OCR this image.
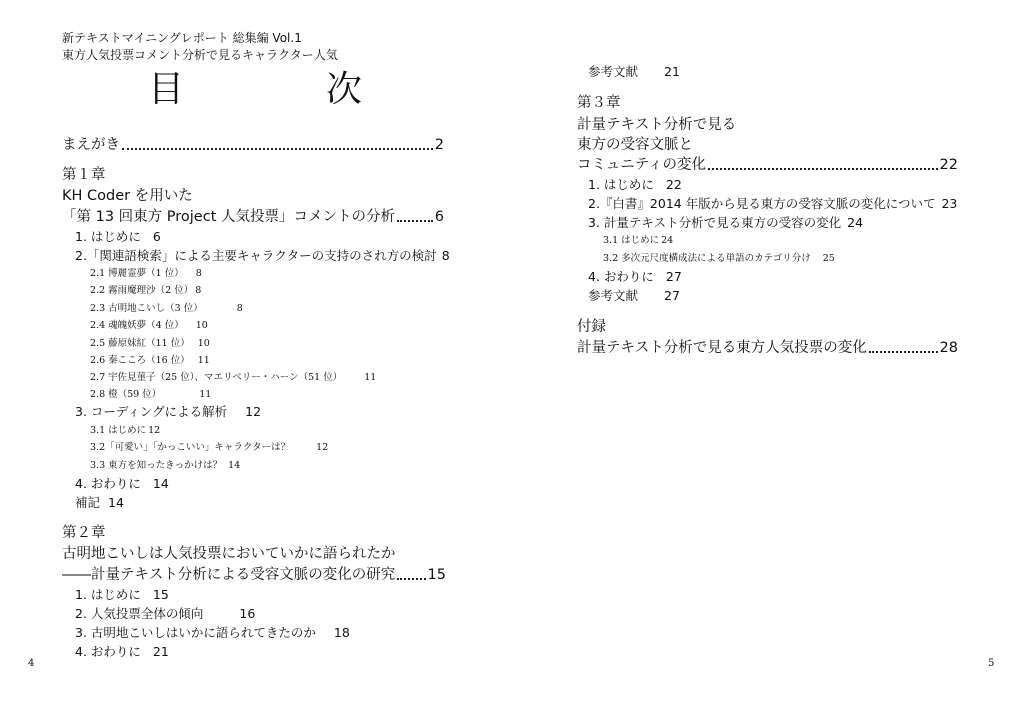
新テキストマイニングレポート 総集編 Vol.1
東方人気投票コメント分析で見るキャラクター人気
目	次
まえがき	2
第１章
KH Coder を用いた
「第 13 回東方 Project 人気投票」コメントの分析	6
1. はじめに 6
2.「関連語検索」による主要キャラクターの支持のされ方の検討 8
2.1 博麗霊夢（1 位） 8
2.2 霧雨魔理沙（2 位） 8
2.3 古明地こいし（3 位）	8
2.4 魂魄妖夢（4 位） 10
2.5 藤原妹紅（11 位） 10
2.6 秦こころ（16 位） 11
2.7 宇佐見菫子（25 位）、マエリベリー・ハーン（51 位） 11
2.8 橙（59 位）	11
3. コーディングによる解析 12
3.1 はじめに 12
3.2「可愛い」「かっこいい」キャラクターは？	12
3.3 東方を知ったきっかけは？ 14
4. おわりに 14
補記 14
第２章
古明地こいしは人気投票においていかに語られたか
――計量テキスト分析による受容文脈の変化の研究 15
1. はじめに 15
2. 人気投票全体の傾向	16
3. 古明地こいしはいかに語られてきたのか 18
4. おわりに 21
4
参考文献 21
第３章
計量テキスト分析で見る
東方の受容文脈と
コミュニティの変化	22
1. はじめに 22
2.『白書』2014 年版から見る東方の受容文脈の変化について 23
3. 計量テキスト分析で見る東方の受容の変化 24
3.1 はじめに 24
3.2 多次元尺度構成法による単語のカテゴリ分け 25
4. おわりに 27
参考文献 27
付録
計量テキスト分析で見る東方人気投票の変化	28
5
